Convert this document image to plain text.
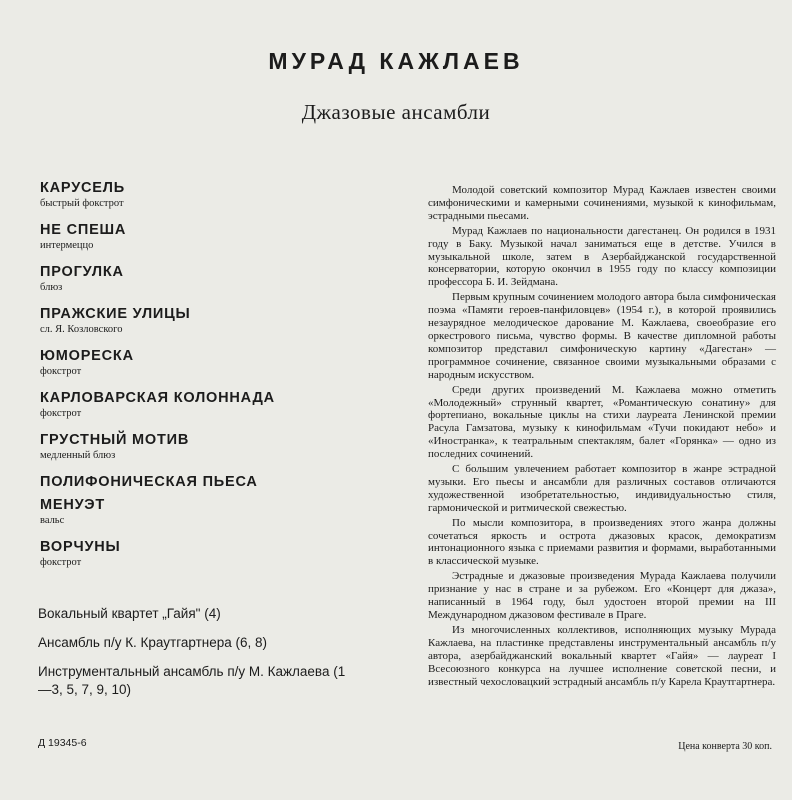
МУРАД КАЖЛАЕВ
Джазовые ансамбли
КАРУСЕЛЬ
быстрый фокстрот
НЕ СПЕША
интермеццо
ПРОГУЛКА
блюз
ПРАЖСКИЕ УЛИЦЫ
сл. Я. Козловского
ЮМОРЕСКА
фокстрот
КАРЛОВАРСКАЯ КОЛОННАДА
фокстрот
ГРУСТНЫЙ МОТИВ
медленный блюз
ПОЛИФОНИЧЕСКАЯ ПЬЕСА
МЕНУЭТ
вальс
ВОРЧУНЫ
фокстрот
Вокальный квартет „Гайя" (4)
Ансамбль п/у К. Краутгартнера (6, 8)
Инструментальный ансамбль п/у М. Кажлаева (1—3, 5, 7, 9, 10)
Д 19345-6	Цена конверта 30 коп.

Молодой советский композитор Мурад Кажлаев известен своими симфоническими и камерными сочинениями, музыкой к кинофильмам, эстрадными пьесами.

Мурад Кажлаев по национальности дагестанец. Он родился в 1931 году в Баку. Музыкой начал заниматься еще в детстве. Учился в музыкальной школе, затем в Азербайджанской государственной консерватории, которую окончил в 1955 году по классу композиции профессора Б. И. Зейдмана.

Первым крупным сочинением молодого автора была симфоническая поэма «Памяти героев-панфиловцев» (1954 г.), в которой проявились незаурядное мелодическое дарование М. Кажлаева, своеобразие его оркестрового письма, чувство формы. В качестве дипломной работы композитор представил симфоническую картину «Дагестан» — программное сочинение, связанное своими музыкальными образами с народным искусством.

Среди других произведений М. Кажлаева можно отметить «Молодежный» струнный квартет, «Романтическую сонатину» для фортепиано, вокальные циклы на стихи лауреата Ленинской премии Расула Гамзатова, музыку к кинофильмам «Тучи покидают небо» и «Иностранка», к театральным спектаклям, балет «Горянка» — одно из последних сочинений.

С большим увлечением работает композитор в жанре эстрадной музыки. Его пьесы и ансамбли для различных составов отличаются художественной изобретательностью, индивидуальностью стиля, гармонической и ритмической свежестью.

По мысли композитора, в произведениях этого жанра должны сочетаться яркость и острота джазовых красок, демократизм интонационного языка с приемами развития и формами, выработанными в классической музыке.

Эстрадные и джазовые произведения Мурада Кажлаева получили признание у нас в стране и за рубежом. Его «Концерт для джаза», написанный в 1964 году, был удостоен второй премии на III Международном джазовом фестивале в Праге.

Из многочисленных коллективов, исполняющих музыку Мурада Кажлаева, на пластинке представлены инструментальный ансамбль п/у автора, азербайджанский вокальный квартет «Гайя» — лауреат I Всесоюзного конкурса на лучшее исполнение советской песни, и известный чехословацкий эстрадный ансамбль п/у Карела Краутгартнера.
